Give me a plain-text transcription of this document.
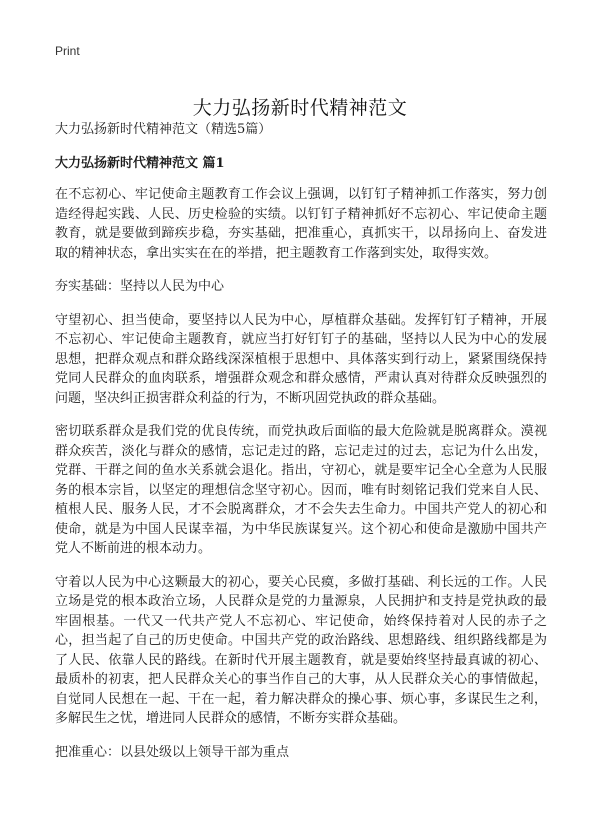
Print
大力弘扬新时代精神范文

大力弘扬新时代精神范文（精选5篇）

大力弘扬新时代精神范文 篇1

在不忘初心、牢记使命主题教育工作会议上强调，以钉钉子精神抓工作落实，努力创造经得起实践、人民、历史检验的实绩。以钉钉子精神抓好不忘初心、牢记使命主题教育，就是要做到蹄疾步稳，夯实基础，把准重心，真抓实干，以昂扬向上、奋发进取的精神状态，拿出实实在在的举措，把主题教育工作落到实处，取得实效。

夯实基础：坚持以人民为中心

守望初心、担当使命，要坚持以人民为中心，厚植群众基础。发挥钉钉子精神，开展不忘初心、牢记使命主题教育，就应当打好钉钉子的基础，坚持以人民为中心的发展思想，把群众观点和群众路线深深植根于思想中、具体落实到行动上，紧紧围绕保持党同人民群众的血肉联系，增强群众观念和群众感情，严肃认真对待群众反映强烈的问题，坚决纠正损害群众利益的行为，不断巩固党执政的群众基础。

密切联系群众是我们党的优良传统，而党执政后面临的最大危险就是脱离群众。漠视群众疾苦，淡化与群众的感情，忘记走过的路，忘记走过的过去，忘记为什么出发，党群、干群之间的鱼水关系就会退化。指出，守初心，就是要牢记全心全意为人民服务的根本宗旨，以坚定的理想信念坚守初心。因而，唯有时刻铭记我们党来自人民、植根人民、服务人民，才不会脱离群众，才不会失去生命力。中国共产党人的初心和使命，就是为中国人民谋幸福，为中华民族谋复兴。这个初心和使命是激励中国共产党人不断前进的根本动力。

守着以人民为中心这颗最大的初心，要关心民瘼，多做打基础、利长远的工作。人民立场是党的根本政治立场，人民群众是党的力量源泉，人民拥护和支持是党执政的最牢固根基。一代又一代共产党人不忘初心、牢记使命，始终保持着对人民的赤子之心，担当起了自己的历史使命。中国共产党的政治路线、思想路线、组织路线都是为了人民、依靠人民的路线。在新时代开展主题教育，就是要始终坚持最真诚的初心、最质朴的初衷，把人民群众关心的事当作自己的大事，从人民群众关心的事情做起，自觉同人民想在一起、干在一起，着力解决群众的操心事、烦心事，多谋民生之利，多解民生之忧，增进同人民群众的感情，不断夯实群众基础。

把准重心：以县处级以上领导干部为重点
